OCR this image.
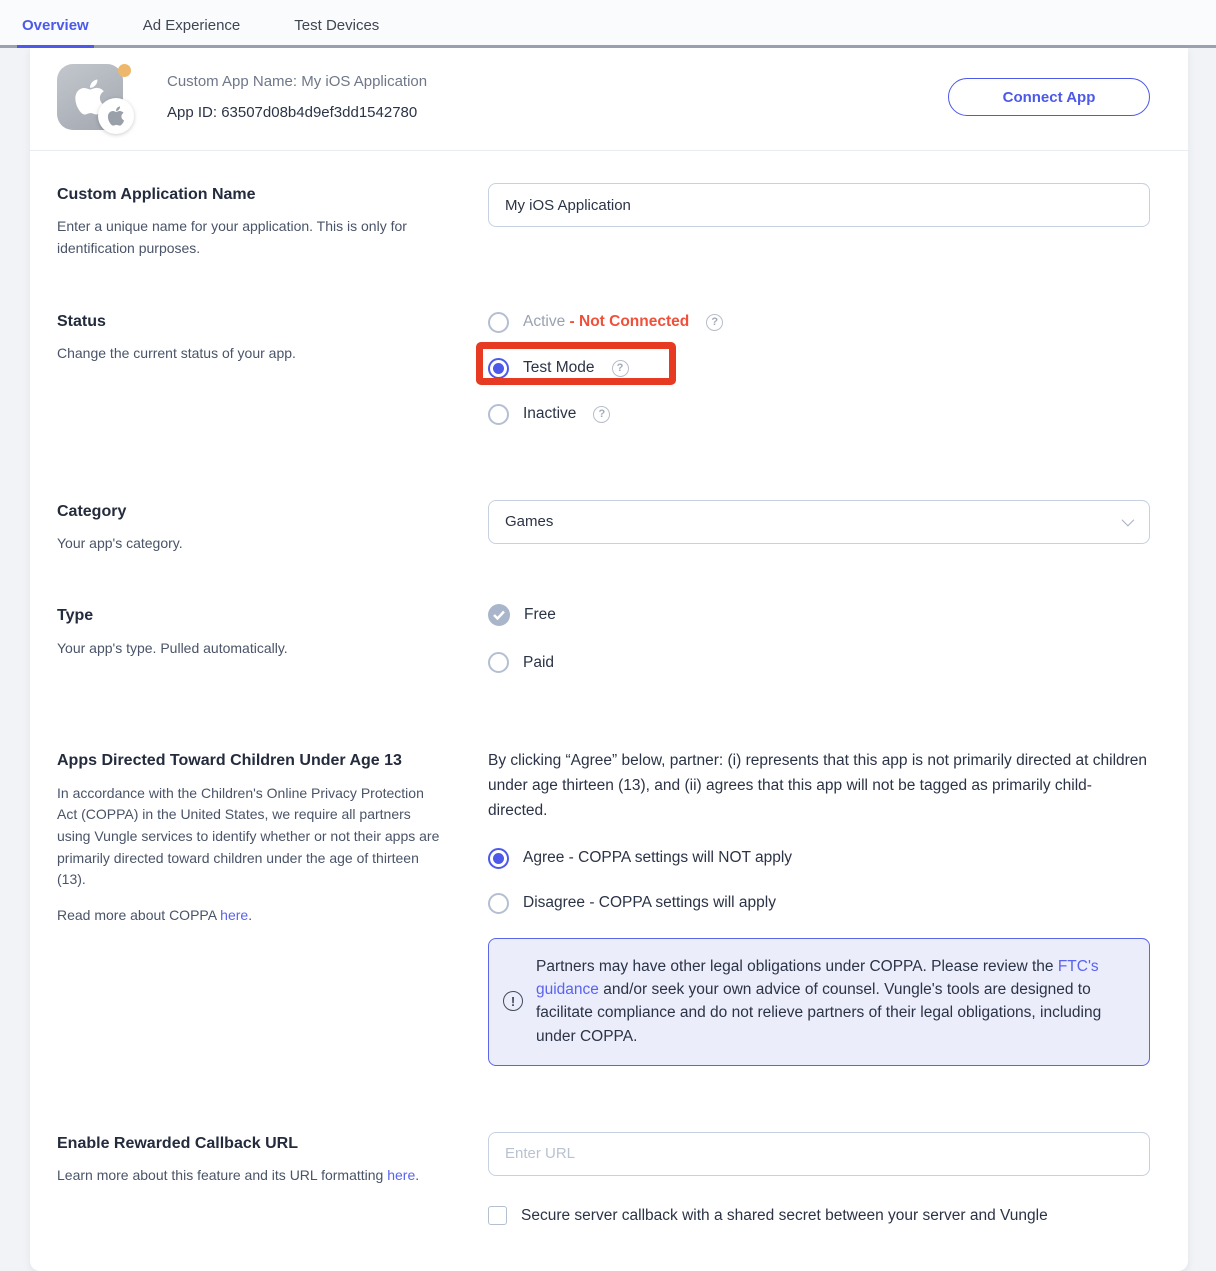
Overview	Ad Experience	Test Devices
Custom App Name: My iOS Application
App ID: 63507d08b4d9ef3dd1542780
Connect App
Custom Application Name

Enter a unique name for your application. This is only for identification purposes.

My iOS Application
Status

Change the current status of your app.

Active - Not Connected	?
Test Mode	?
Inactive	?
Category

Your app's category.

Games
Type

Your app's type. Pulled automatically.

Free
Paid
Apps Directed Toward Children Under Age 13

In accordance with the Children's Online Privacy Protection Act (COPPA) in the United States, we require all partners using Vungle services to identify whether or not their apps are primarily directed toward children under the age of thirteen (13).

Read more about COPPA here.

By clicking “Agree” below, partner: (i) represents that this app is not primarily directed at children under age thirteen (13), and (ii) agrees that this app will not be tagged as primarily child-directed.

Agree - COPPA settings will NOT apply
Disagree - COPPA settings will apply
!

Partners may have other legal obligations under COPPA. Please review the FTC's guidance and/or seek your own advice of counsel. Vungle's tools are designed to facilitate compliance and do not relieve partners of their legal obligations, including under COPPA.

Enable Rewarded Callback URL

Learn more about this feature and its URL formatting here.

Enter URL
Secure server callback with a shared secret between your server and Vungle
